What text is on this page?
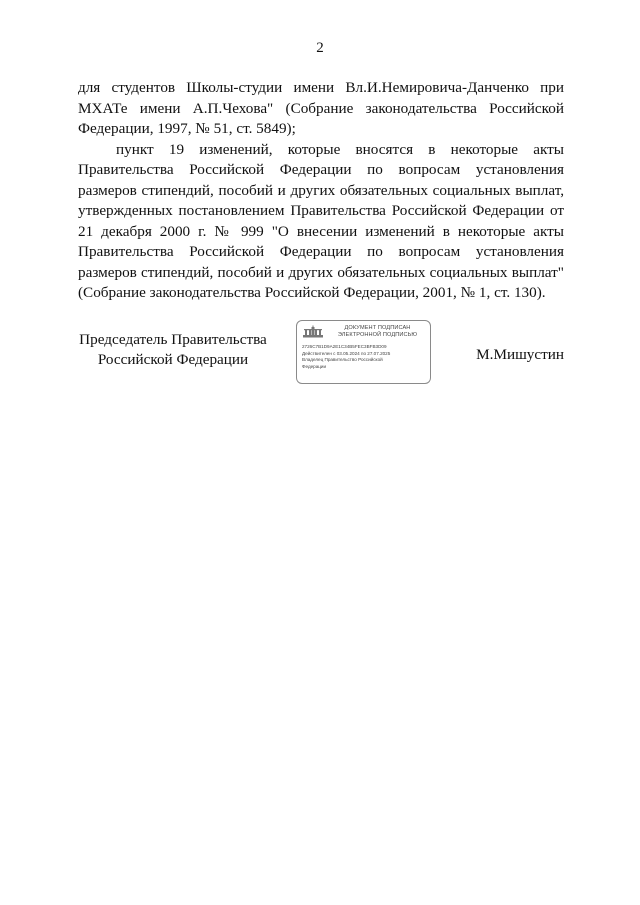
2

для студентов Школы-студии имени Вл.И.Немировича-Данченко при МХАТе имени А.П.Чехова" (Собрание законодательства Российской Федерации, 1997, № 51, ст. 5849);

пункт 19 изменений, которые вносятся в некоторые акты Правительства Российской Федерации по вопросам установления размеров стипендий, пособий и других обязательных социальных выплат, утвержденных постановлением Правительства Российской Федерации от 21 декабря 2000 г. № 999 "О внесении изменений в некоторые акты Правительства Российской Федерации по вопросам установления размеров стипендий, пособий и других обязательных социальных выплат" (Собрание законодательства Российской Федерации, 2001, № 1, ст. 130).

Председатель Правительства
Российской Федерации
ДОКУМЕНТ ПОДПИСАН
ЭЛЕКТРОННОЙ ПОДПИСЬЮ
2726C7B1D9A2E1C34B5FEC3BFB3D09
Действителен с 03.05.2024 по 27.07.2025
Владелец Правительство Российской
Федерации
М.Мишустин
